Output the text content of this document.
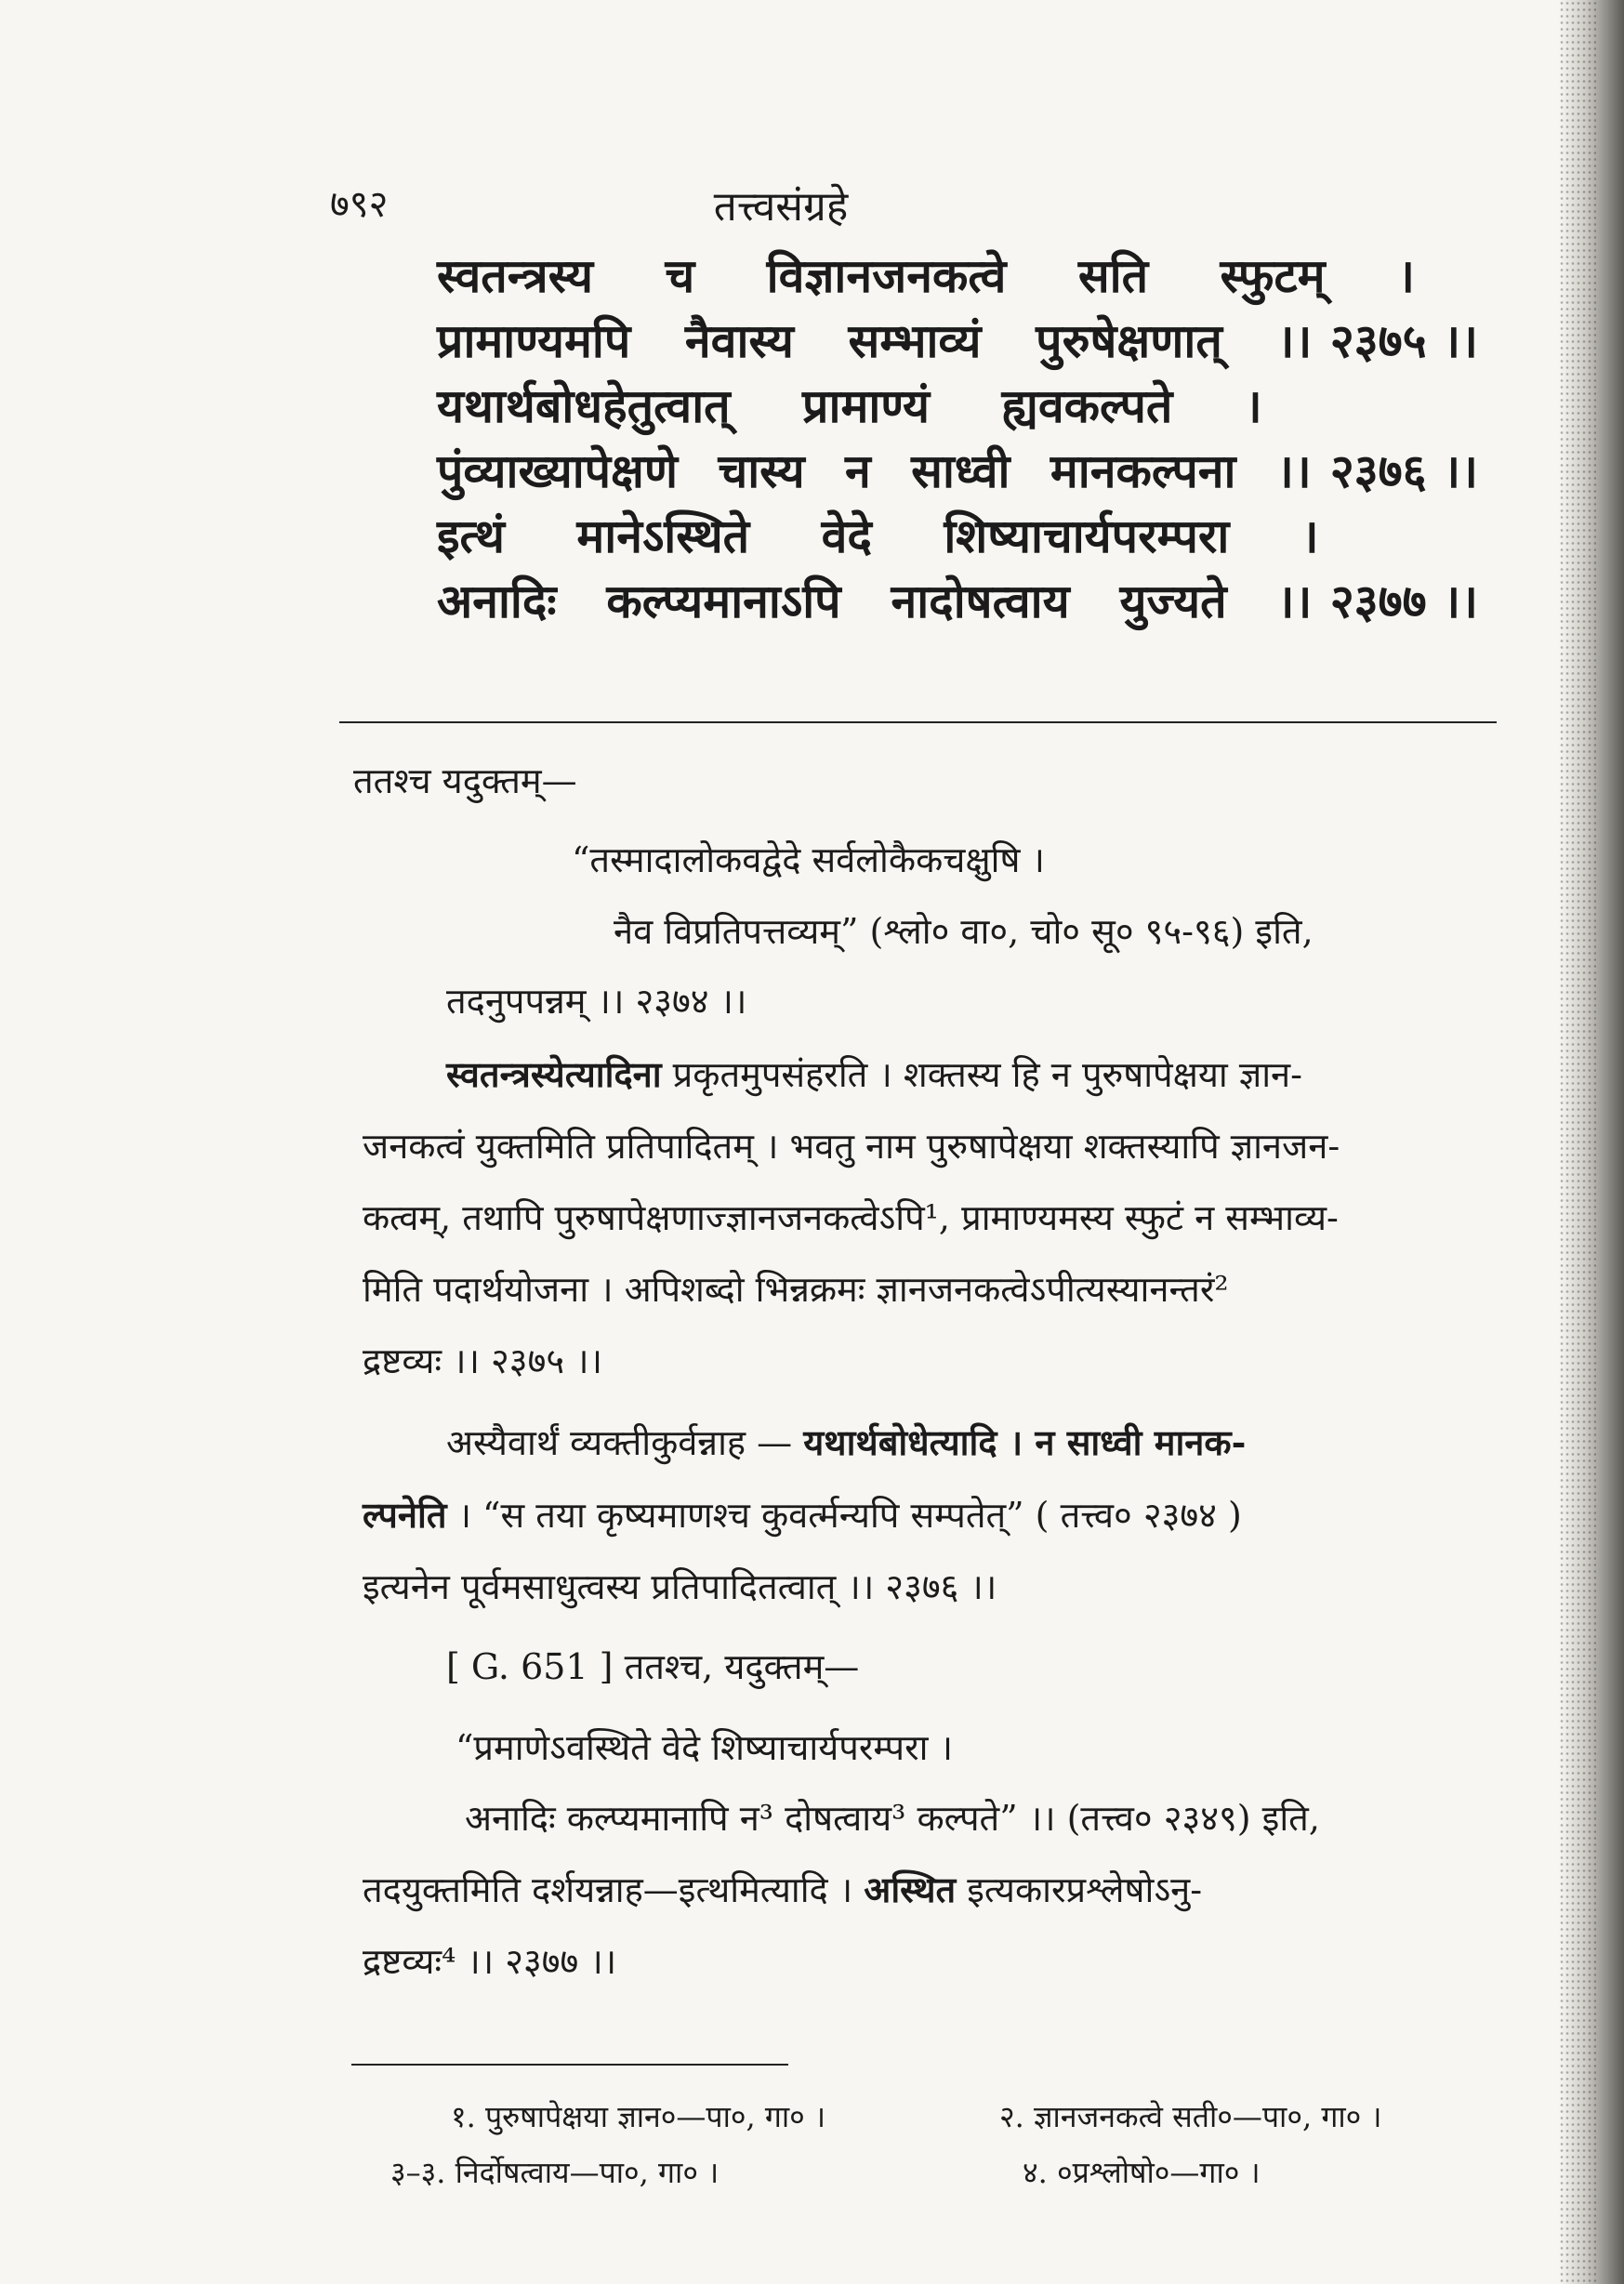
७९२	तत्त्वसंग्रहे
स्वतन्त्रस्य च विज्ञानजनकत्वे सति स्फुटम् ।
प्रामाण्यमपि नैवास्य सम्भाव्यं पुरुषेक्षणात् ।। २३७५ ।।
यथार्थबोधहेतुत्वात् प्रामाण्यं ह्यवकल्पते ।
पुंव्याख्यापेक्षणे चास्य न साध्वी मानकल्पना ।। २३७६ ।।
इत्थं मानेऽस्थिते वेदे शिष्याचार्यपरम्परा ।
अनादिः कल्प्यमानाऽपि नादोषत्वाय युज्यते ।। २३७७ ।।
ततश्च यदुक्तम्—
“तस्मादालोकवद्वेदे सर्वलोकैकचक्षुषि ।
नैव विप्रतिपत्तव्यम्” (श्लो० वा०, चो० सू० ९५-९६) इति,
तदनुपपन्नम् ।। २३७४ ।।
स्वतन्त्रस्येत्यादिना प्रकृतमुपसंहरति । शक्तस्य हि न पुरुषापेक्षया ज्ञान-
जनकत्वं युक्तमिति प्रतिपादितम् । भवतु नाम पुरुषापेक्षया शक्तस्यापि ज्ञानजन-
कत्वम्, तथापि पुरुषापेक्षणाज्ज्ञानजनकत्वेऽपि¹, प्रामाण्यमस्य स्फुटं न सम्भाव्य-
मिति पदार्थयोजना । अपिशब्दो भिन्नक्रमः ज्ञानजनकत्वेऽपीत्यस्यानन्तरं²
द्रष्टव्यः ।। २३७५ ।।
अस्यैवार्थं व्यक्तीकुर्वन्नाह — यथार्थबोधेत्यादि । न साध्वी मानक-
ल्पनेति । “स तया कृष्यमाणश्च कुवर्त्मन्यपि सम्पतेत्” ( तत्त्व० २३७४ )
इत्यनेन पूर्वमसाधुत्वस्य प्रतिपादितत्वात् ।। २३७६ ।।
[ G. 651 ] ततश्च, यदुक्तम्—
“प्रमाणेऽवस्थिते वेदे शिष्याचार्यपरम्परा ।
अनादिः कल्प्यमानापि न³ दोषत्वाय³ कल्पते” ।। (तत्त्व० २३४९) इति,
तदयुक्तमिति दर्शयन्नाह—इत्थमित्यादि । अस्थित इत्यकारप्रश्लेषोऽनु-
द्रष्टव्यः⁴ ।। २३७७ ।।
१. पुरुषापेक्षया ज्ञान०—पा०, गा० ।	२. ज्ञानजनकत्वे सती०—पा०, गा० ।
३–३. निर्दोषत्वाय—पा०, गा० ।	४. ०प्रश्लोषो०—गा० ।
